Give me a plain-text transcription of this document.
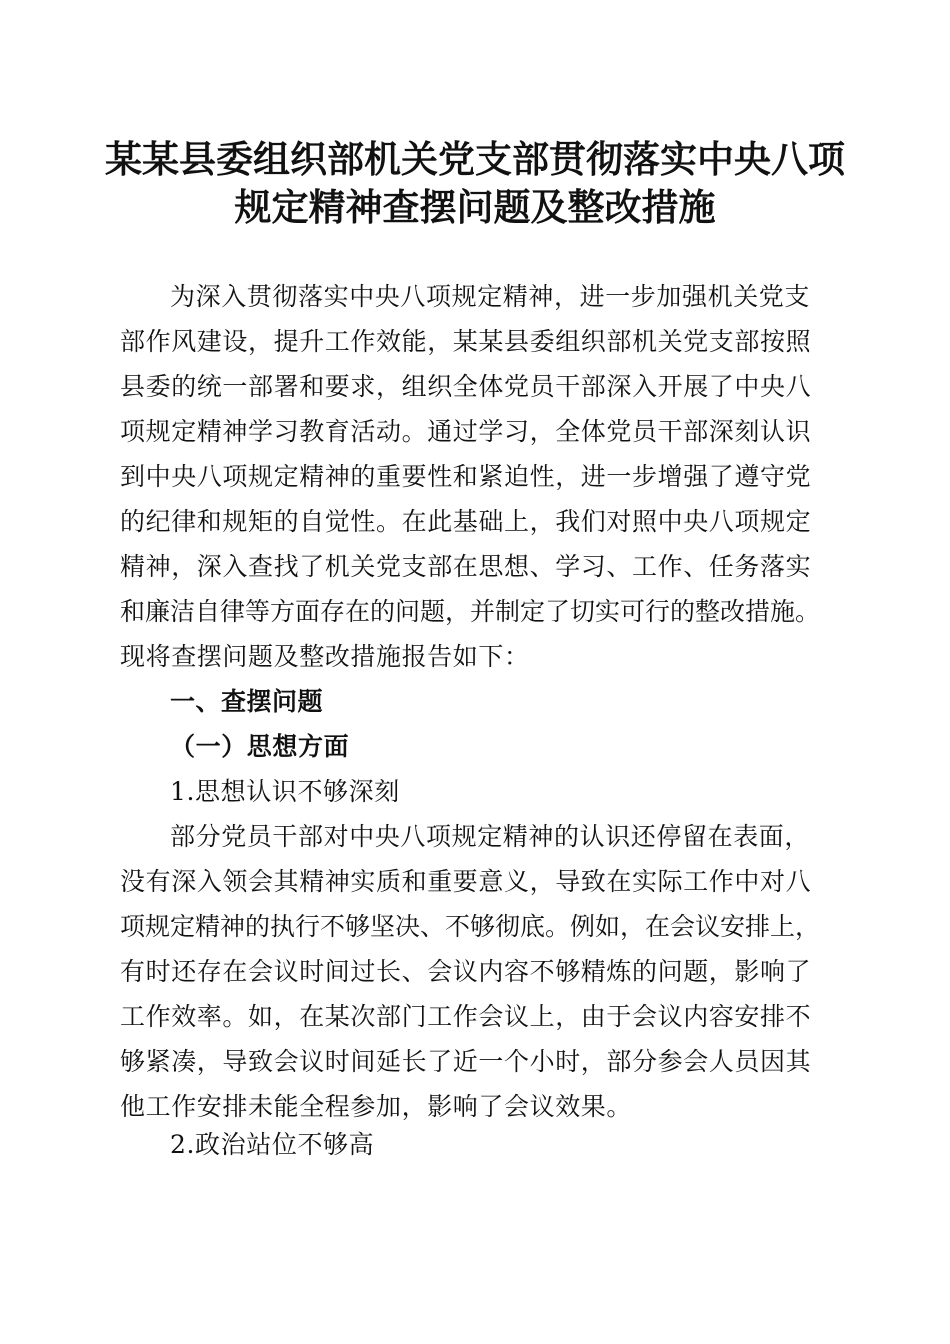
某某县委组织部机关党支部贯彻落实中央八项
规定精神查摆问题及整改措施
为深入贯彻落实中央八项规定精神，进一步加强机关党支
部作风建设，提升工作效能，某某县委组织部机关党支部按照
县委的统一部署和要求，组织全体党员干部深入开展了中央八
项规定精神学习教育活动。通过学习，全体党员干部深刻认识
到中央八项规定精神的重要性和紧迫性，进一步增强了遵守党
的纪律和规矩的自觉性。在此基础上，我们对照中央八项规定
精神，深入查找了机关党支部在思想、学习、工作、任务落实
和廉洁自律等方面存在的问题，并制定了切实可行的整改措施。
现将查摆问题及整改措施报告如下：
一、查摆问题
（一）思想方面
1.思想认识不够深刻
部分党员干部对中央八项规定精神的认识还停留在表面，
没有深入领会其精神实质和重要意义，导致在实际工作中对八
项规定精神的执行不够坚决、不够彻底。例如，在会议安排上，
有时还存在会议时间过长、会议内容不够精炼的问题，影响了
工作效率。如，在某次部门工作会议上，由于会议内容安排不
够紧凑，导致会议时间延长了近一个小时，部分参会人员因其
他工作安排未能全程参加，影响了会议效果。
2.政治站位不够高
